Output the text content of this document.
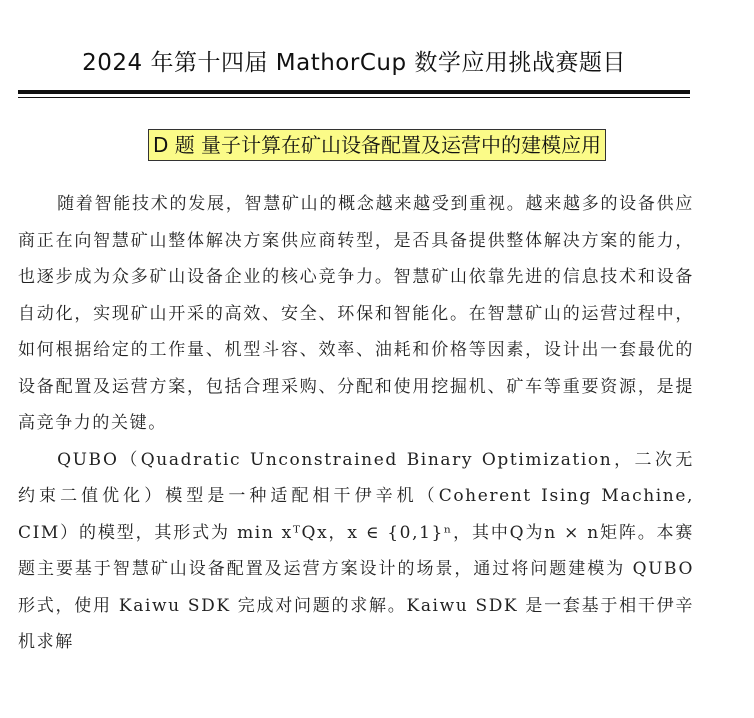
2024 年第十四届 MathorCup 数学应用挑战赛题目
D 题 量子计算在矿山设备配置及运营中的建模应用

随着智能技术的发展，智慧矿山的概念越来越受到重视。越来越多的设备供应商正在向智慧矿山整体解决方案供应商转型，是否具备提供整体解决方案的能力，也逐步成为众多矿山设备企业的核心竞争力。智慧矿山依靠先进的信息技术和设备自动化，实现矿山开采的高效、安全、环保和智能化。在智慧矿山的运营过程中，如何根据给定的工作量、机型斗容、效率、油耗和价格等因素，设计出一套最优的设备配置及运营方案，包括合理采购、分配和使用挖掘机、矿车等重要资源，是提高竞争力的关键。

QUBO（Quadratic Unconstrained Binary Optimization，二次无约束二值优化）模型是一种适配相干伊辛机（Coherent Ising Machine, CIM）的模型，其形式为 min xᵀQx，x ∈ {0,1}ⁿ，其中Q为n × n矩阵。本赛题主要基于智慧矿山设备配置及运营方案设计的场景，通过将问题建模为 QUBO 形式，使用 Kaiwu SDK 完成对问题的求解。Kaiwu SDK 是一套基于相干伊辛机求解
